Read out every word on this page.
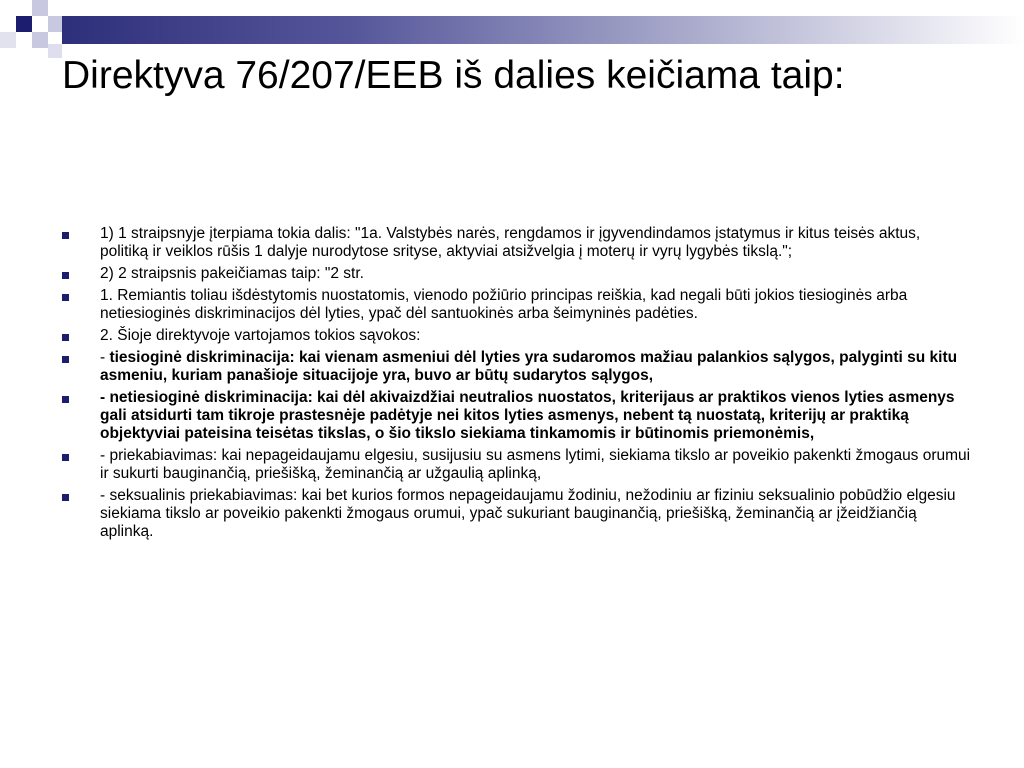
Direktyva 76/207/EEB iš dalies keičiama taip:
1) 1 straipsnyje įterpiama tokia dalis: "1a. Valstybės narės, rengdamos ir įgyvendindamos įstatymus ir kitus teisės aktus, politiką ir veiklos rūšis 1 dalyje nurodytose srityse, aktyviai atsižvelgia į moterų ir vyrų lygybės tikslą.";
2) 2 straipsnis pakeičiamas taip: "2 str.
1. Remiantis toliau išdėstytomis nuostatomis, vienodo požiūrio principas reiškia, kad negali būti jokios tiesioginės arba netiesioginės diskriminacijos dėl lyties, ypač dėl santuokinės arba šeimyninės padėties.
2. Šioje direktyvoje vartojamos tokios sąvokos:
- tiesioginė diskriminacija: kai vienam asmeniui dėl lyties yra sudaromos mažiau palankios sąlygos, palyginti su kitu asmeniu, kuriam panašioje situacijoje yra, buvo ar būtų sudarytos sąlygos,
- netiesioginė diskriminacija: kai dėl akivaizdžiai neutralios nuostatos, kriterijaus ar praktikos vienos lyties asmenys gali atsidurti tam tikroje prastesnėje padėtyje nei kitos lyties asmenys, nebent tą nuostatą, kriterijų ar praktiką objektyviai pateisina teisėtas tikslas, o šio tikslo siekiama tinkamomis ir būtinomis priemonėmis,
- priekabiavimas: kai nepageidaujamu elgesiu, susijusiu su asmens lytimi, siekiama tikslo ar poveikio pakenkti žmogaus orumui ir sukurti bauginančią, priešišką, žeminančią ar užgaulią aplinką,
- seksualinis priekabiavimas: kai bet kurios formos nepageidaujamu žodiniu, nežodiniu ar fiziniu seksualinio pobūdžio elgesiu siekiama tikslo ar poveikio pakenkti žmogaus orumui, ypač sukuriant bauginančią, priešišką, žeminančią ar įžeidžiančią aplinką.
